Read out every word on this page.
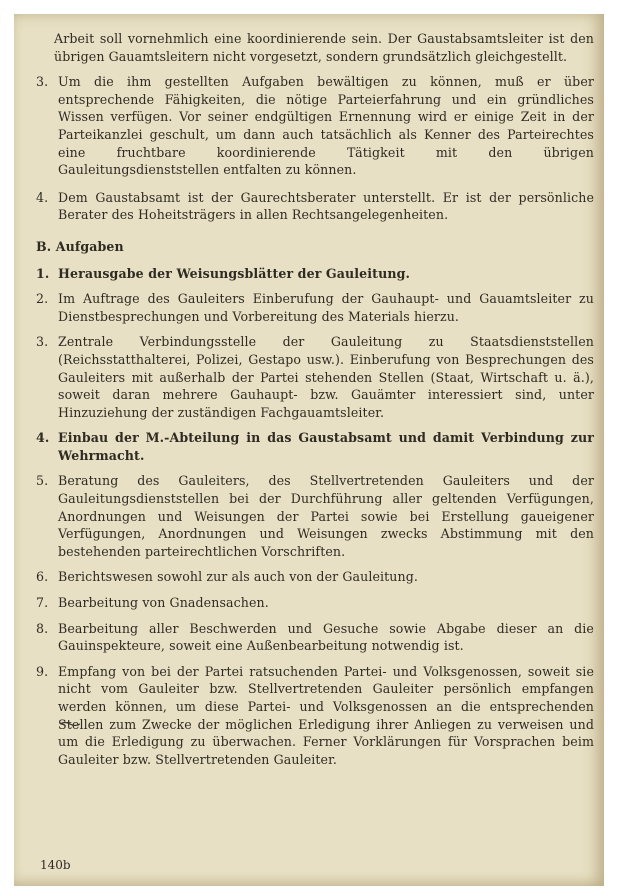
Arbeit soll vornehmlich eine koordinierende sein. Der Gaustabsamtsleiter ist den übrigen Gauamtsleitern nicht vorgesetzt, sondern grundsätzlich gleichgestellt.

3. Um die ihm gestellten Aufgaben bewältigen zu können, muß er über entsprechende Fähigkeiten, die nötige Parteierfahrung und ein gründliches Wissen verfügen. Vor seiner endgültigen Ernennung wird er einige Zeit in der Parteikanzlei geschult, um dann auch tatsächlich als Kenner des Parteirechtes eine fruchtbare koordinierende Tätigkeit mit den übrigen Gauleitungsdienststellen entfalten zu können.
4. Dem Gaustabsamt ist der Gaurechtsberater unterstellt. Er ist der persönliche Berater des Hoheitsträgers in allen Rechtsangelegenheiten.
B. Aufgaben
1. Herausgabe der Weisungsblätter der Gauleitung.
2. Im Auftrage des Gauleiters Einberufung der Gauhaupt- und Gauamtsleiter zu Dienstbesprechungen und Vorbereitung des Materials hierzu.
3. Zentrale Verbindungsstelle der Gauleitung zu Staatsdienststellen (Reichsstatthalterei, Polizei, Gestapo usw.). Einberufung von Besprechungen des Gauleiters mit außerhalb der Partei stehenden Stellen (Staat, Wirtschaft u. ä.), soweit daran mehrere Gauhaupt- bzw. Gauämter interessiert sind, unter Hinzuziehung der zuständigen Fachgauamtsleiter.
4. Einbau der M.-Abteilung in das Gaustabsamt und damit Verbindung zur Wehrmacht.
5. Beratung des Gauleiters, des Stellvertretenden Gauleiters und der Gauleitungsdienststellen bei der Durchführung aller geltenden Verfügungen, Anordnungen und Weisungen der Partei sowie bei Erstellung gaueigener Verfügungen, Anordnungen und Weisungen zwecks Abstimmung mit den bestehenden parteirechtlichen Vorschriften.
6. Berichtswesen sowohl zur als auch von der Gauleitung.
7. Bearbeitung von Gnadensachen.
8. Bearbeitung aller Beschwerden und Gesuche sowie Abgabe dieser an die Gauinspekteure, soweit eine Außenbearbeitung notwendig ist.
9. Empfang von bei der Partei ratsuchenden Partei- und Volksgenossen, soweit sie nicht vom Gauleiter bzw. Stellvertretenden Gauleiter persönlich empfangen werden können, um diese Partei- und Volksgenossen an die entsprechenden Stellen zum Zwecke der möglichen Erledigung ihrer Anliegen zu verweisen und um die Erledigung zu überwachen. Ferner Vorklärungen für Vorsprachen beim Gauleiter bzw. Stellvertretenden Gauleiter.
140b
